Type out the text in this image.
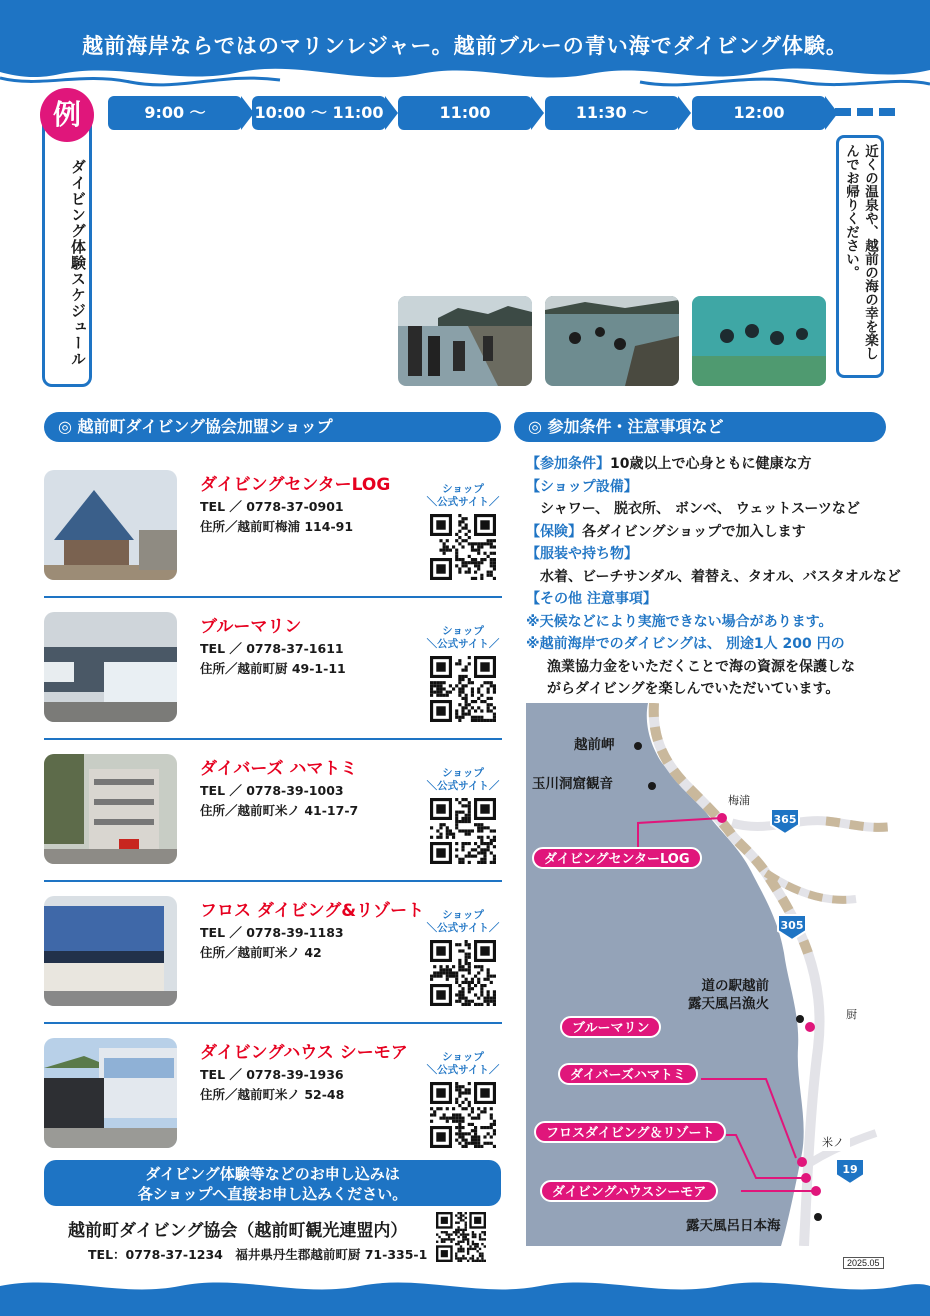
越前海岸ならではのマリンレジャー。越前ブルーの青い海でダイビング体験。
例
ダイビング体験スケジュール
9:00 〜
申し込んでいるダイビングショップに集合。体験前にレクチャーを実施します。不安なところがあれば、遠慮なく質問してください。
10:00 〜 11:00
まずは足の着く浅いところから簡単な練習をし、徐々に深いところへと移動します。インストラクターが常に一緒にいますので、安心して体験できます。
11:00
体験ダイビング終了です。シャワーを浴びて着替えましょう。
11:30 〜
ダイビングの記録をつけます。楽しい思い出をしっかりと記録しましょう。
12:00
全ての体験内容が終了です。ぜひ次回からはより本格的にダイビングをお楽しみください。	近くの温泉や、越前の海の幸を楽しんでお帰りください。
◎ 越前町ダイビング協会加盟ショップ
ダイビングセンターLOG
TEL ／ 0778-37-0901
住所／越前町梅浦 114-91
ショップ
＼公式サイト／
ブルーマリン
TEL ／ 0778-37-1611
住所／越前町厨 49-1-11
ショップ
＼公式サイト／
ダイバーズ ハマトミ
TEL ／ 0778-39-1003
住所／越前町米ノ 41-17-7
ショップ
＼公式サイト／
フロス ダイビング&リゾート
TEL ／ 0778-39-1183
住所／越前町米ノ 42
ショップ
＼公式サイト／
ダイビングハウス シーモア
TEL ／ 0778-39-1936
住所／越前町米ノ 52-48
ショップ
＼公式サイト／
ダイビング体験等などのお申し込みは
各ショップへ直接お申し込みください。
越前町ダイビング協会（越前町観光連盟内）
TEL：0778-37-1234　福井県丹生郡越前町厨 71-335-1
◎ 参加条件・注意事項など
【参加条件】10歳以上で心身ともに健康な方
【ショップ設備】
シャワー、 脱衣所、 ボンベ、 ウェットスーツなど
【保険】各ダイビングショップで加入します
【服装や持ち物】
水着、ビーチサンダル、着替え、タオル、バスタオルなど
【その他 注意事項】
※天候などにより実施できない場合があります。
※越前海岸でのダイビングは、 別途1人 200 円の
漁業協力金をいただくことで海の資源を保護しな
がらダイビングを楽しんでいただいています。
越前岬
玉川洞窟観音
梅浦
道の駅越前
露天風呂漁火
厨
米ノ
露天風呂日本海
365
305
19
ダイビングセンターLOG
ブルーマリン
ダイバーズハマトミ
フロスダイビング＆リゾート
ダイビングハウスシーモア
2025.05
